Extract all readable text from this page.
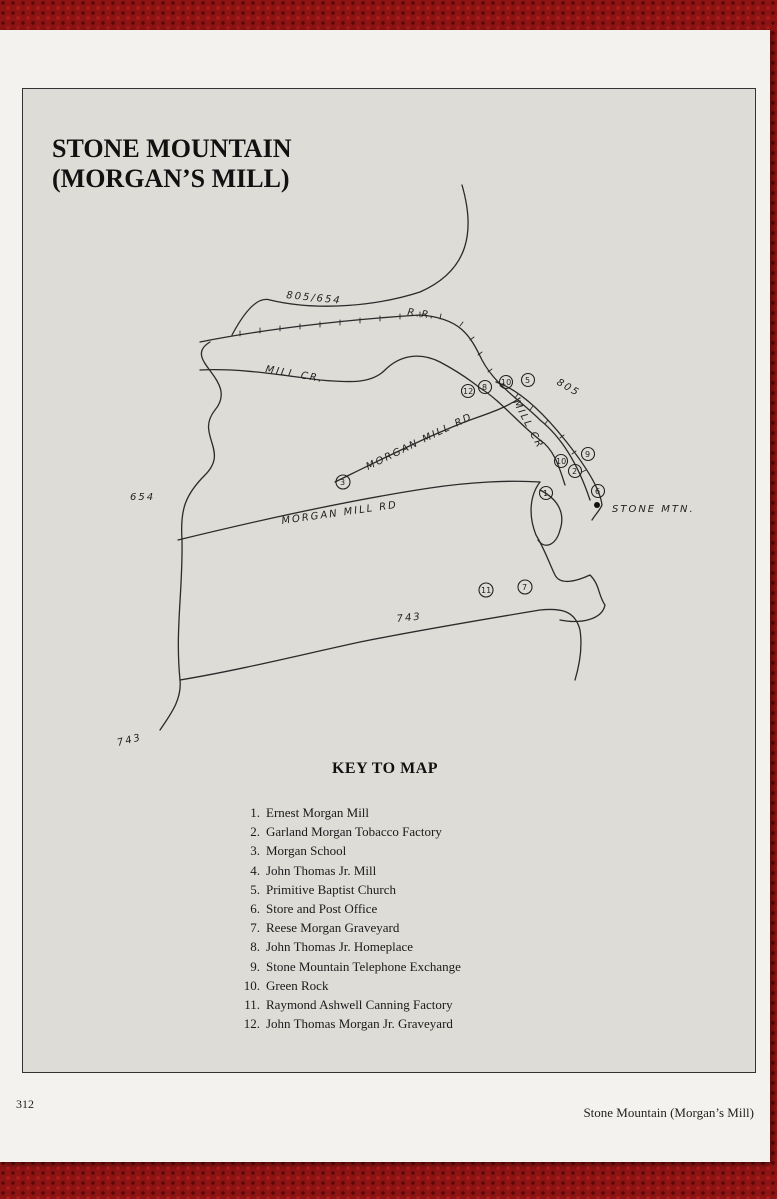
STONE MOUNTAIN
(MORGAN’S MILL)
3
12 8
10 5
9
10
2
1
11	7
6
805/654
R.R.
MILL CR.
MORGAN MILL RD
MORGAN MILL RD
654
805
MILL CR
STONE MTN.
743
743
KEY TO MAP
1. Ernest Morgan Mill
2. Garland Morgan Tobacco Factory
3. Morgan School
4. John Thomas Jr. Mill
5. Primitive Baptist Church
6. Store and Post Office
7. Reese Morgan Graveyard
8. John Thomas Jr. Homeplace
9. Stone Mountain Telephone Exchange
10. Green Rock
11. Raymond Ashwell Canning Factory
12. John Thomas Morgan Jr. Graveyard
312
Stone Mountain (Morgan’s Mill)
